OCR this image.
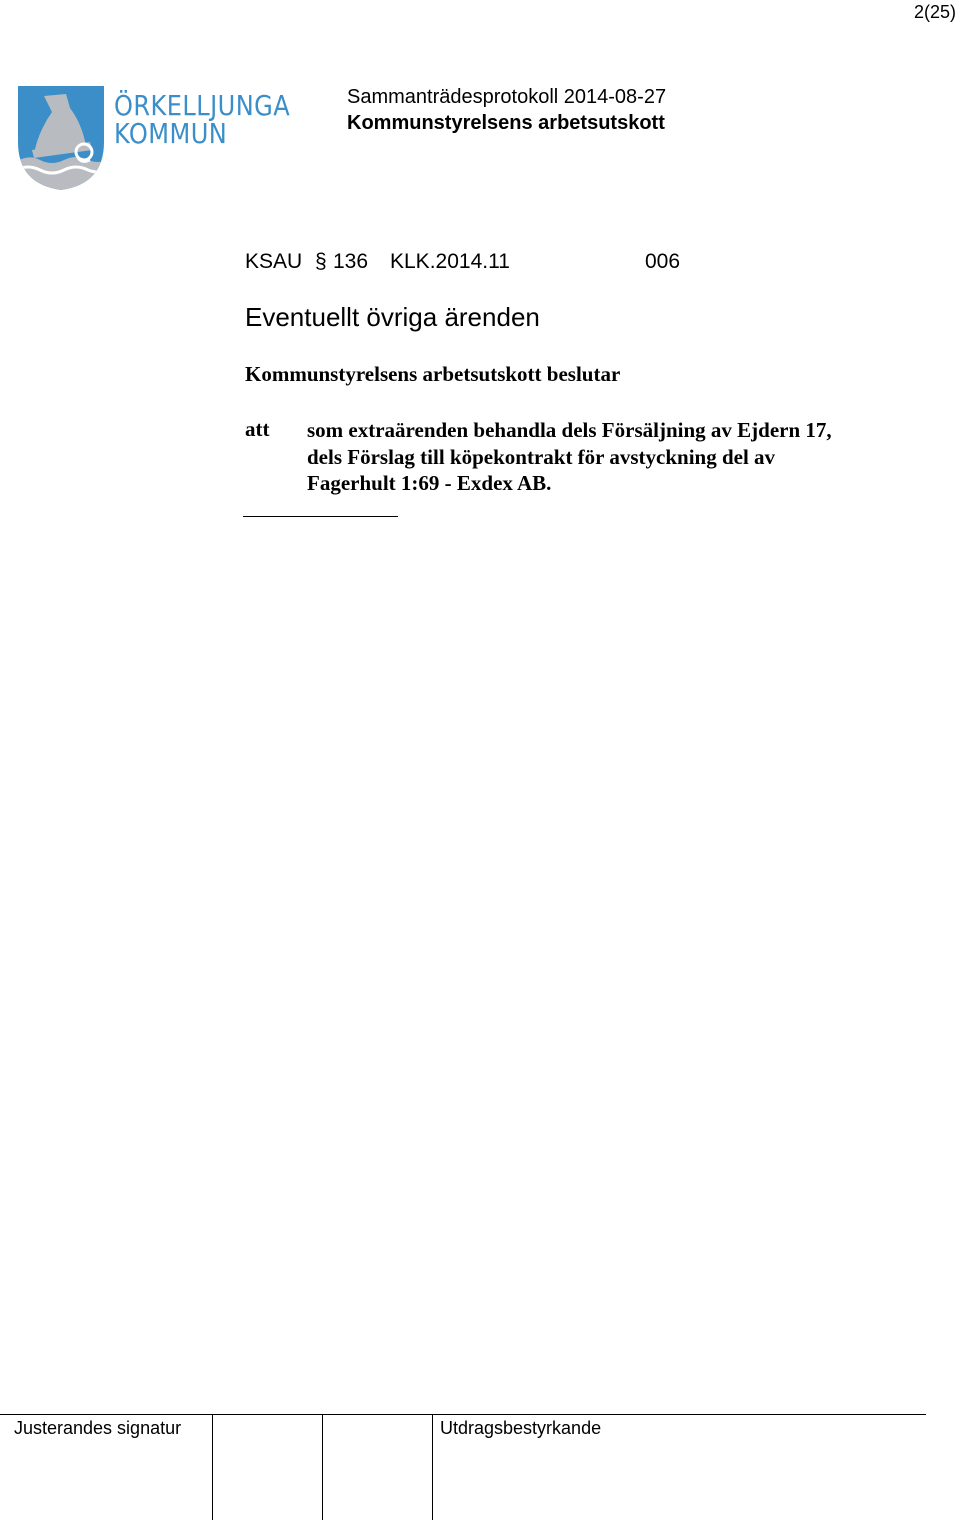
2(25)
ÖRKELLJUNGA
KOMMUN
Sammanträdesprotokoll 2014-08-27
Kommunstyrelsens arbetsutskott
KSAU § 136 KLK.2014.11	006
Eventuellt övriga ärenden
Kommunstyrelsens arbetsutskott beslutar
att som extraärenden behandla dels Försäljning av Ejdern 17,
dels Förslag till köpekontrakt för avstyckning del av
Fagerhult 1:69 - Exdex AB.
Justerandes signatur	Utdragsbestyrkande
